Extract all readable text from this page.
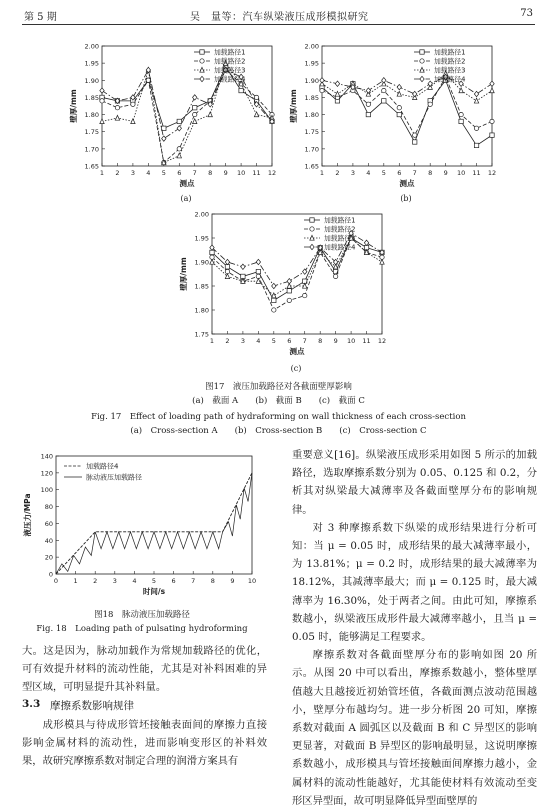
第 5 期	吴　量等：汽车纵梁液压成形模拟研究	73
1.65
1.70
1.75
1.80
1.85
1.90
1.95
2.00
1 2 3 4 5 6 7 8 9 10 11 12
测点
壁厚/mm
加载路径1
加载路径2
加载路径3
加载路径4
1.65
1.70
1.75
1.80
1.85
1.90
1.95
2.00
1 2 3 4 5 6 7 8 9 10 11 12
测点
壁厚/mm
加载路径1
加载路径2
加载路径3
加载路径4
1.75
1.80
1.85
1.90
1.95
2.00
1 2 3 4 5 6 7 8 9 10 11 12
测点
壁厚/mm
加载路径1
加载路径2
加载路径3
加载路径4
(a)	(b)
(c)
图17　液压加载路径对各截面壁厚影响
(a)　截面 A　　(b)　截面 B　　(c)　截面 C
Fig. 17　Effect of loading path of hydraforming on wall thickness of each cross-section
(a)　Cross-section A　　(b)　Cross-section B　　(c)　Cross-section C
0
20
40
60
80
100
120
140
0 1 2 3 4 5 6 7 8 9 10
时间/s
液压力/MPa
加载路径4
脉动液压加载路径
图18　脉动液压加载路径
Fig. 18　Loading path of pulsating hydroforming

大。这是因为，脉动加载作为常规加载路径的优化，可有效提升材料的流动性能，尤其是对补料困难的异型区域，可明显提升其补料量。

3.3 摩擦系数影响规律

成形模具与待成形管坯接触表面间的摩擦力直接影响金属材料的流动性，进而影响变形区的补料效果，故研究摩擦系数对制定合理的润滑方案具有

重要意义[16]。纵梁液压成形采用如图 5 所示的加载路径，选取摩擦系数分别为 0.05、0.125 和 0.2，分析其对纵梁最大减薄率及各截面壁厚分布的影响规律。

对 3 种摩擦系数下纵梁的成形结果进行分析可知：当 μ = 0.05 时，成形结果的最大减薄率最小，为 13.81%；μ = 0.2 时，成形结果的最大减薄率为 18.12%，其减薄率最大；而 μ = 0.125 时，最大减薄率为 16.30%，处于两者之间。由此可知，摩擦系数越小，纵梁液压成形件最大减薄率越小，且当 μ = 0.05 时，能够满足工程要求。

摩擦系数对各截面壁厚分布的影响如图 20 所示。从图 20 中可以看出，摩擦系数越小，整体壁厚值越大且越接近初始管坯值，各截面测点波动范围越小，壁厚分布越均匀。进一步分析图 20 可知，摩擦系数对截面 A 圆弧区以及截面 B 和 C 异型区的影响更显著，对截面 B 异型区的影响最明显，这说明摩擦系数越小，成形模具与管坯接触面间摩擦力越小，金属材料的流动性能越好，尤其能使材料有效流动至变形区异型面，故可明显降低异型面壁厚的
